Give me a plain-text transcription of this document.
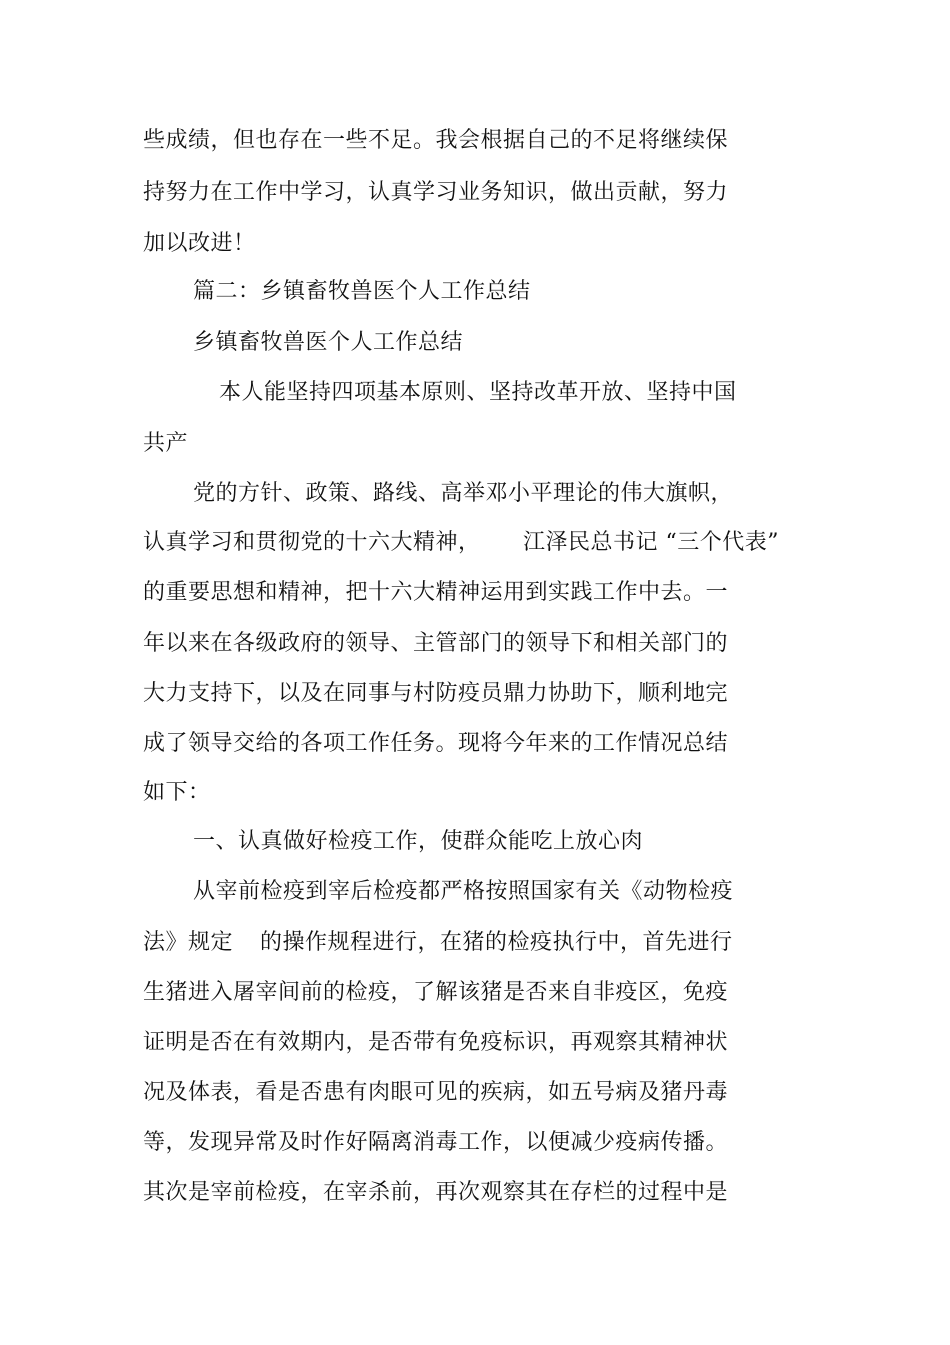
些成绩，但也存在一些不足。我会根据自己的不足将继续保
持努力在工作中学习，认真学习业务知识，做出贡献，努力
加以改进！
篇二：乡镇畜牧兽医个人工作总结
乡镇畜牧兽医个人工作总结
本人能坚持四项基本原则、坚持改革开放、坚持中国
共产
党的方针、政策、路线、高举邓小平理论的伟大旗帜，
认真学习和贯彻党的十六大精神， 江泽民总书记 “三个代表”
的重要思想和精神，把十六大精神运用到实践工作中去。一
年以来在各级政府的领导、主管部门的领导下和相关部门的
大力支持下，以及在同事与村防疫员鼎力协助下，顺利地完
成了领导交给的各项工作任务。现将今年来的工作情况总结
如下：
一、认真做好检疫工作，使群众能吃上放心肉
从宰前检疫到宰后检疫都严格按照国家有关《动物检疫
法》规定 的操作规程进行，在猪的检疫执行中，首先进行
生猪进入屠宰间前的检疫，了解该猪是否来自非疫区，免疫
证明是否在有效期内，是否带有免疫标识，再观察其精神状
况及体表，看是否患有肉眼可见的疾病，如五号病及猪丹毒
等，发现异常及时作好隔离消毒工作，以便减少疫病传播。
其次是宰前检疫，在宰杀前，再次观察其在存栏的过程中是
